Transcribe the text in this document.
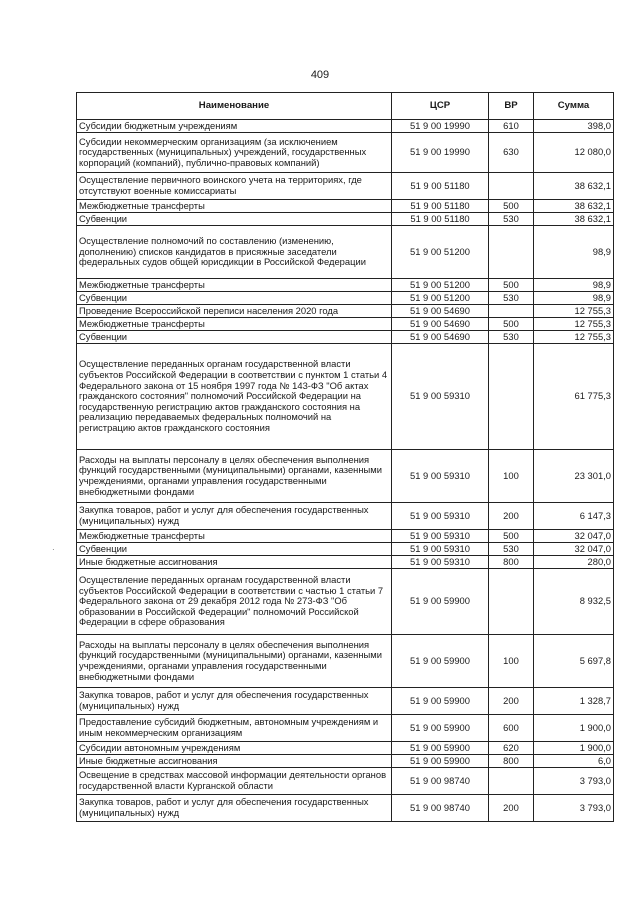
409
·
Наименование	ЦСР	ВР	Сумма
Субсидии бюджетным учреждениям	51 9 00 19990	610	398,0
Субсидии некоммерческим организациям (за исключением государственных (муниципальных) учреждений, государственных корпораций (компаний), публично-правовых компаний)	51 9 00 19990	630	12 080,0
Осуществление первичного воинского учета на территориях, где отсутствуют военные комиссариаты	51 9 00 51180		38 632,1
Межбюджетные трансферты	51 9 00 51180	500	38 632,1
Субвенции	51 9 00 51180	530	38 632,1
Осуществление полномочий по составлению (изменению, дополнению) списков кандидатов в присяжные заседатели федеральных судов общей юрисдикции в Российской Федерации	51 9 00 51200		98,9
Межбюджетные трансферты	51 9 00 51200	500	98,9
Субвенции	51 9 00 51200	530	98,9
Проведение Всероссийской переписи населения 2020 года	51 9 00 54690		12 755,3
Межбюджетные трансферты	51 9 00 54690	500	12 755,3
Субвенции	51 9 00 54690	530	12 755,3
Осуществление переданных органам государственной власти субъектов Российской Федерации в соответствии с пунктом 1 статьи 4 Федерального закона от 15 ноября 1997 года № 143-ФЗ "Об актах гражданского состояния" полномочий Российской Федерации на государственную регистрацию актов гражданского состояния на реализацию передаваемых федеральных полномочий на регистрацию актов гражданского состояния	51 9 00 59310		61 775,3
Расходы на выплаты персоналу в целях обеспечения выполнения функций государственными (муниципальными) органами, казенными учреждениями, органами управления государственными внебюджетными фондами	51 9 00 59310	100	23 301,0
Закупка товаров, работ и услуг для обеспечения государственных (муниципальных) нужд	51 9 00 59310	200	6 147,3
Межбюджетные трансферты	51 9 00 59310	500	32 047,0
Субвенции	51 9 00 59310	530	32 047,0
Иные бюджетные ассигнования	51 9 00 59310	800	280,0
Осуществление переданных органам государственной власти субъектов Российской Федерации в соответствии с частью 1 статьи 7 Федерального закона от 29 декабря 2012 года № 273-ФЗ "Об образовании в Российской Федерации" полномочий Российской Федерации в сфере образования	51 9 00 59900		8 932,5
Расходы на выплаты персоналу в целях обеспечения выполнения функций государственными (муниципальными) органами, казенными учреждениями, органами управления государственными внебюджетными фондами	51 9 00 59900	100	5 697,8
Закупка товаров, работ и услуг для обеспечения государственных (муниципальных) нужд	51 9 00 59900	200	1 328,7
Предоставление субсидий бюджетным, автономным учреждениям и иным некоммерческим организациям	51 9 00 59900	600	1 900,0
Субсидии автономным учреждениям	51 9 00 59900	620	1 900,0
Иные бюджетные ассигнования	51 9 00 59900	800	6,0
Освещение в средствах массовой информации деятельности органов государственной власти Курганской области	51 9 00 98740		3 793,0
Закупка товаров, работ и услуг для обеспечения государственных (муниципальных) нужд	51 9 00 98740	200	3 793,0
